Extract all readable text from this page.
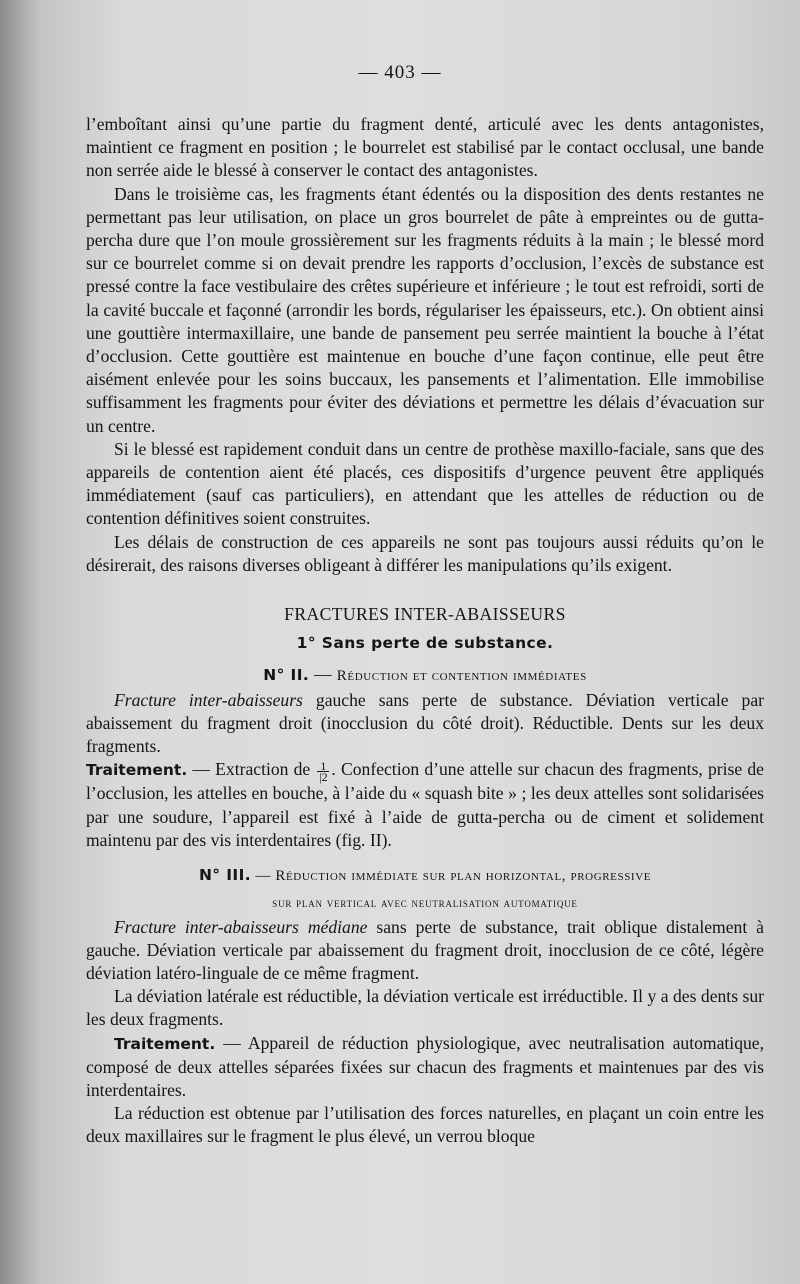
— 403 —

l’emboîtant ainsi qu’une partie du fragment denté, articulé avec les dents antagonistes, maintient ce fragment en position ; le bourrelet est stabilisé par le contact occlusal, une bande non serrée aide le blessé à conserver le contact des antagonistes.

Dans le troisième cas, les fragments étant édentés ou la disposition des dents restantes ne permettant pas leur utilisation, on place un gros bourrelet de pâte à empreintes ou de gutta-percha dure que l’on moule grossièrement sur les fragments réduits à la main ; le blessé mord sur ce bourrelet comme si on devait prendre les rapports d’occlusion, l’excès de substance est pressé contre la face vestibulaire des crêtes supérieure et inférieure ; le tout est refroidi, sorti de la cavité buccale et façonné (arrondir les bords, régulariser les épaisseurs, etc.). On obtient ainsi une gouttière intermaxillaire, une bande de pansement peu serrée maintient la bouche à l’état d’occlusion. Cette gouttière est maintenue en bouche d’une façon continue, elle peut être aisément enlevée pour les soins buccaux, les pansements et l’alimentation. Elle immobilise suffisamment les fragments pour éviter des déviations et permettre les délais d’évacuation sur un centre.

Si le blessé est rapidement conduit dans un centre de prothèse maxillo-faciale, sans que des appareils de contention aient été placés, ces dispositifs d’urgence peuvent être appliqués immédiatement (sauf cas particuliers), en attendant que les attelles de réduction ou de contention définitives soient construites.

Les délais de construction de ces appareils ne sont pas toujours aussi réduits qu’on le désirerait, des raisons diverses obligeant à différer les manipulations qu’ils exigent.

FRACTURES INTER-ABAISSEURS
1° Sans perte de substance.
N° II. — Réduction et contention immédiates

Fracture inter-abaisseurs gauche sans perte de substance. Déviation verticale par abaissement du fragment droit (inocclusion du côté droit). Réductible. Dents sur les deux fragments.

Traitement. — Extraction de $\frac{1}{|2}$ . Confection d’une attelle sur chacun des fragments, prise de l’occlusion, les attelles en bouche, à l’aide du « squash bite » ; les deux attelles sont solidarisées par une soudure, l’appareil est fixé à l’aide de gutta-percha ou de ciment et solidement maintenu par des vis interdentaires (fig. II).

N° III. — Réduction immédiate sur plan horizontal, progressive
sur plan vertical avec neutralisation automatique

Fracture inter-abaisseurs médiane sans perte de substance, trait oblique distalement à gauche. Déviation verticale par abaissement du fragment droit, inocclusion de ce côté, légère déviation latéro-linguale de ce même fragment.

La déviation latérale est réductible, la déviation verticale est irréductible. Il y a des dents sur les deux fragments.

Traitement. — Appareil de réduction physiologique, avec neutralisation automatique, composé de deux attelles séparées fixées sur chacun des fragments et maintenues par des vis interdentaires.

La réduction est obtenue par l’utilisation des forces naturelles, en plaçant un coin entre les deux maxillaires sur le fragment le plus élevé, un verrou bloque
